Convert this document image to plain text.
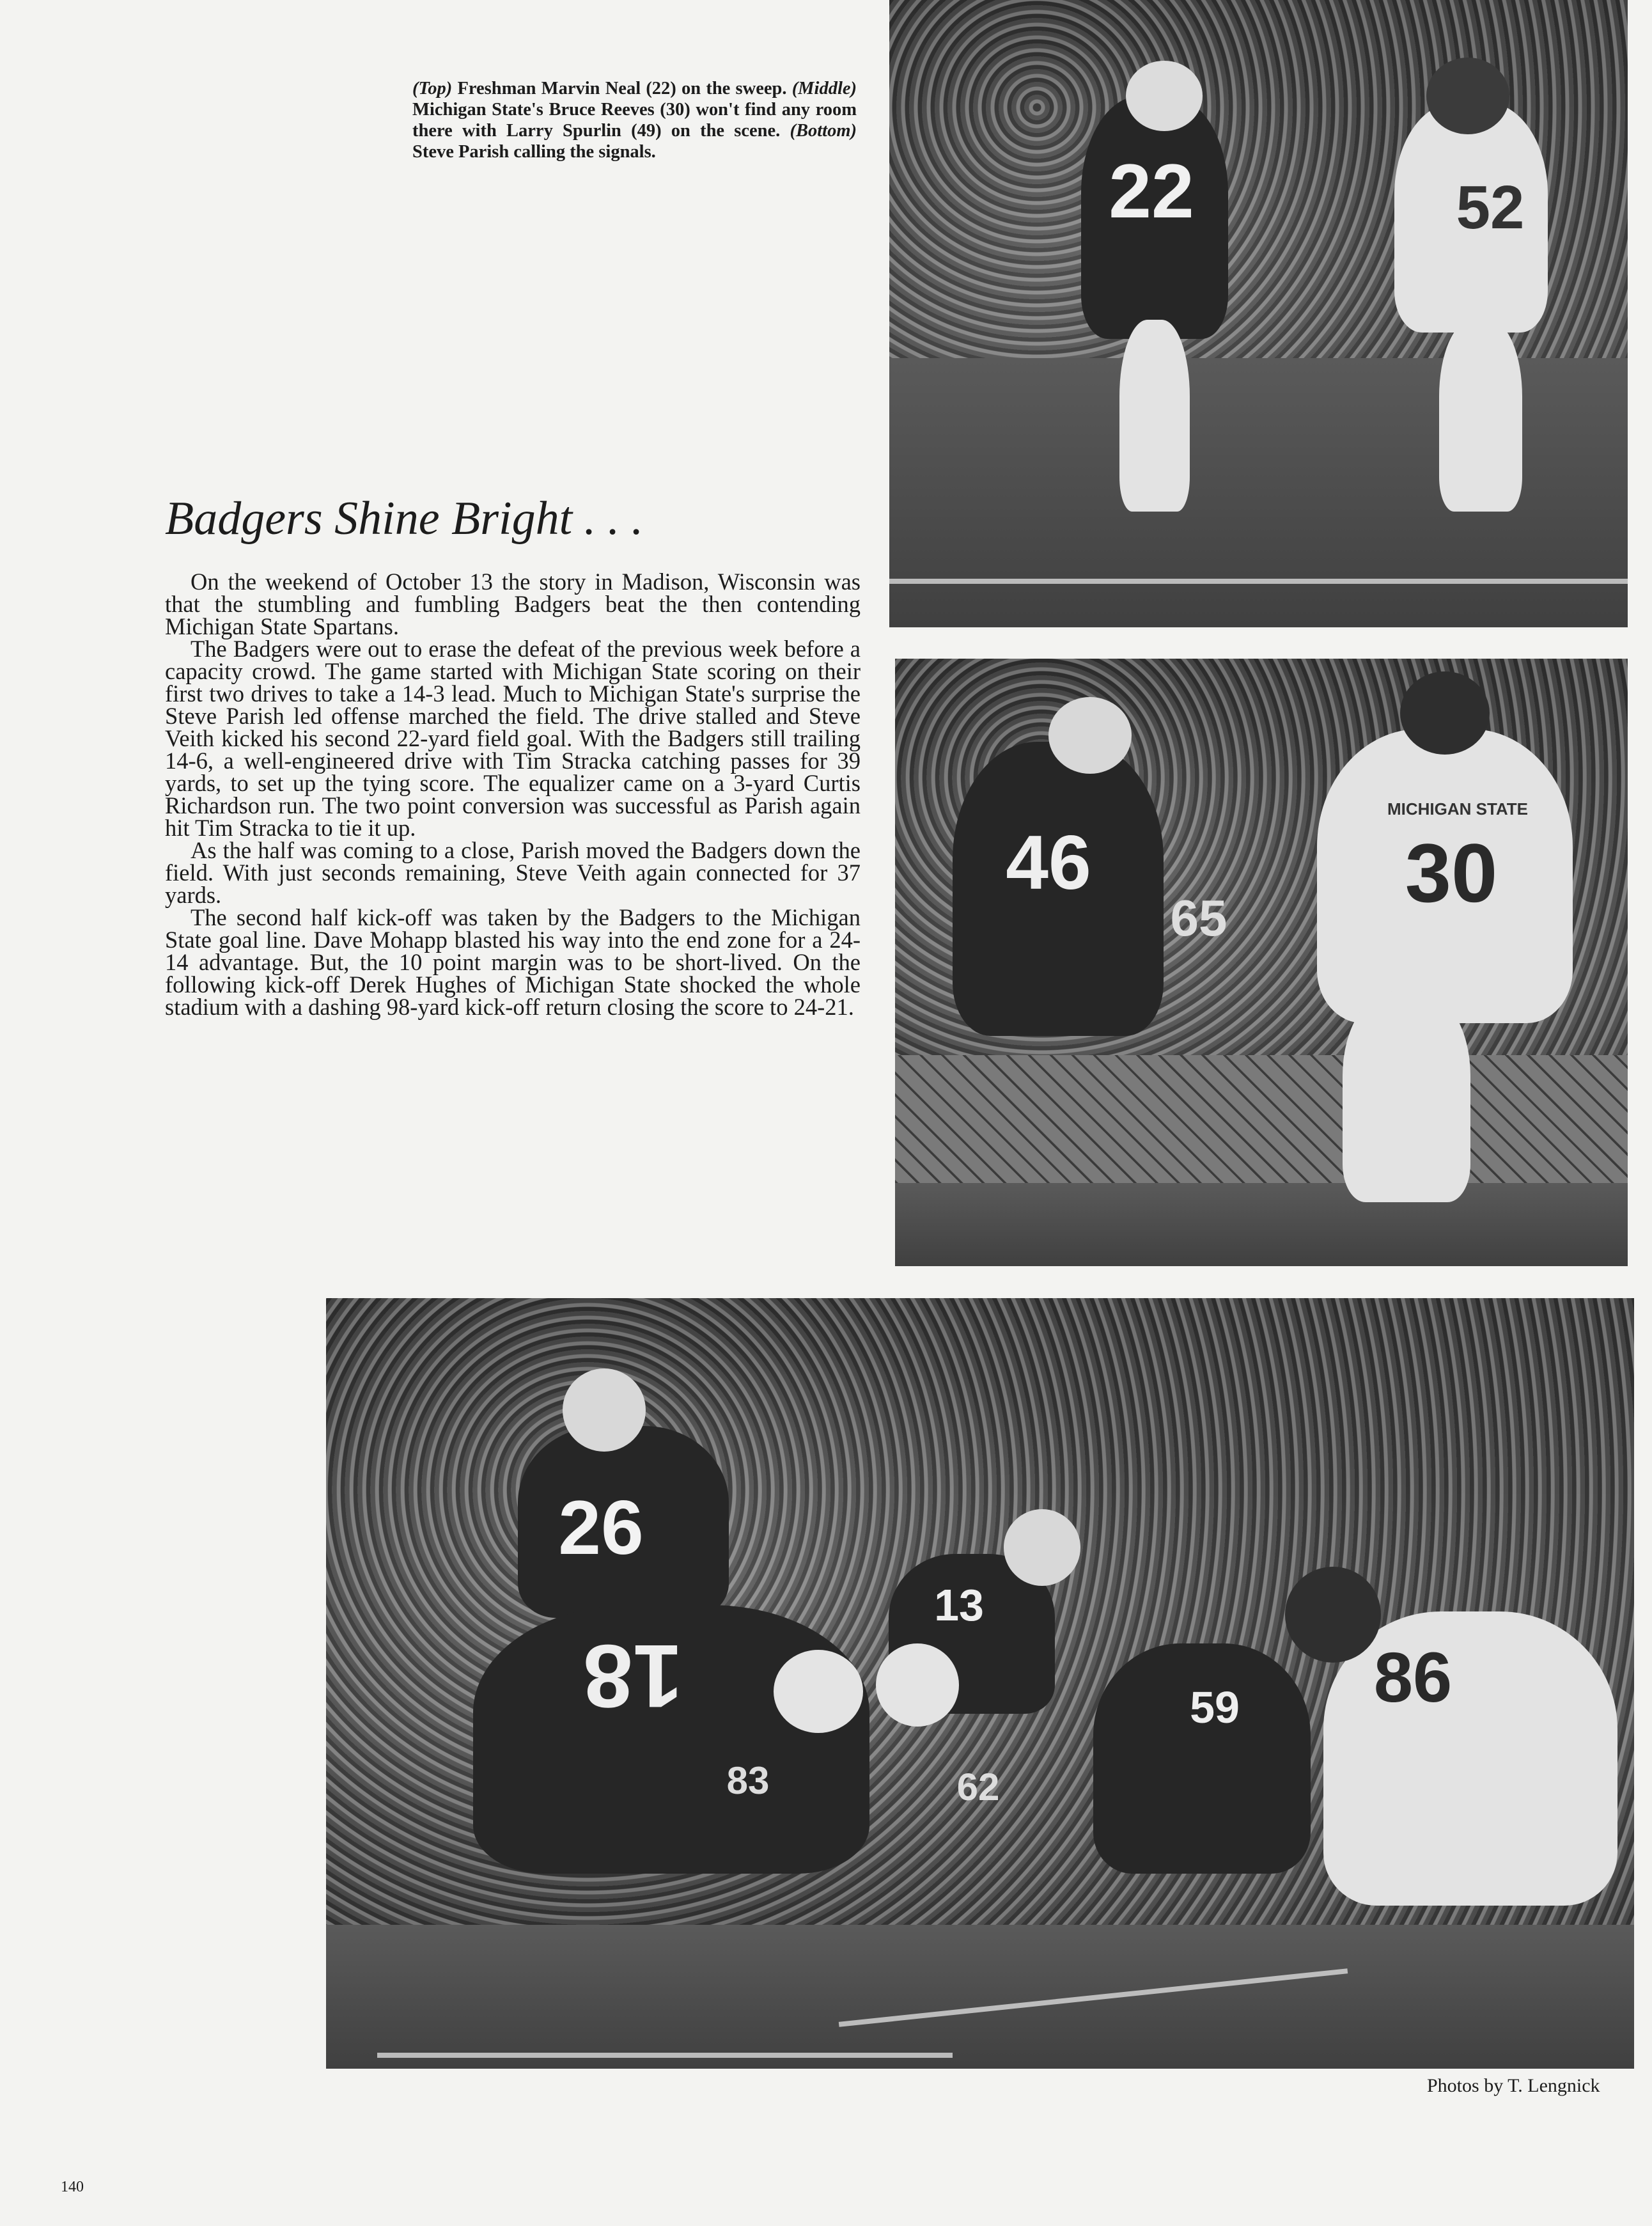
(Top) Freshman Marvin Neal (22) on the sweep. (Middle) Michigan State's Bruce Reeves (30) won't find any room there with Larry Spurlin (49) on the scene. (Bottom) Steve Parish calling the signals.	22	52
Badgers Shine Bright . . .

On the weekend of October 13 the story in Madison, Wisconsin was that the stumbling and fumbling Badgers beat the then contending Michigan State Spartans.

The Badgers were out to erase the defeat of the previous week before a capacity crowd. The game started with Michigan State scoring on their first two drives to take a 14-3 lead. Much to Michigan State's surprise the Steve Parish led offense marched the field. The drive stalled and Steve Veith kicked his second 22-yard field goal. With the Badgers still trailing 14-6, a well-engineered drive with Tim Stracka catching passes for 39 yards, to set up the tying score. The equalizer came on a 3-yard Curtis Richardson run. The two point conversion was successful as Parish again hit Tim Stracka to tie it up.

As the half was coming to a close, Parish moved the Badgers down the field. With just seconds remaining, Steve Veith again connected for 37 yards.

The second half kick-off was taken by the Badgers to the Michigan State goal line. Dave Mohapp blasted his way into the end zone for a 24-14 advantage. But, the 10 point margin was to be short-lived. On the following kick-off Derek Hughes of Michigan State shocked the whole stadium with a dashing 98-yard kick-off return closing the score to 24-21.

46
65
MICHIGAN STATE
30
26
13
18
83	62
59 86
Photos by T. Lengnick
140
